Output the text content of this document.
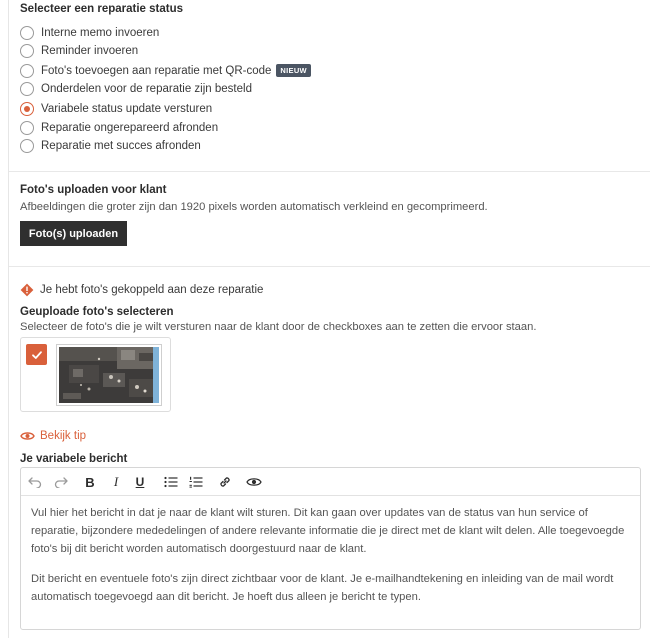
Selecteer een reparatie status
Interne memo invoeren
Reminder invoeren
Foto's toevoegen aan reparatie met QR-code	NIEUW
Onderdelen voor de reparatie zijn besteld
Variabele status update versturen
Reparatie ongerepareerd afronden
Reparatie met succes afronden
Foto's uploaden voor klant
Afbeeldingen die groter zijn dan 1920 pixels worden automatisch verkleind en gecomprimeerd.
Foto(s) uploaden
Je hebt foto's gekoppeld aan deze reparatie
Geuploade foto's selecteren
Selecteer de foto's die je wilt versturen naar de klant door de checkboxes aan te zetten die ervoor staan.
Bekijk tip
Je variabele bericht
B	I	U

Vul hier het bericht in dat je naar de klant wilt sturen. Dit kan gaan over updates van de status van hun service of reparatie, bijzondere mededelingen of andere relevante informatie die je direct met de klant wilt delen. Alle toegevoegde foto's bij dit bericht worden automatisch doorgestuurd naar de klant.

Dit bericht en eventuele foto's zijn direct zichtbaar voor de klant. Je e-mailhandtekening en inleiding van de mail wordt automatisch toegevoegd aan dit bericht. Je hoeft dus alleen je bericht te typen.
